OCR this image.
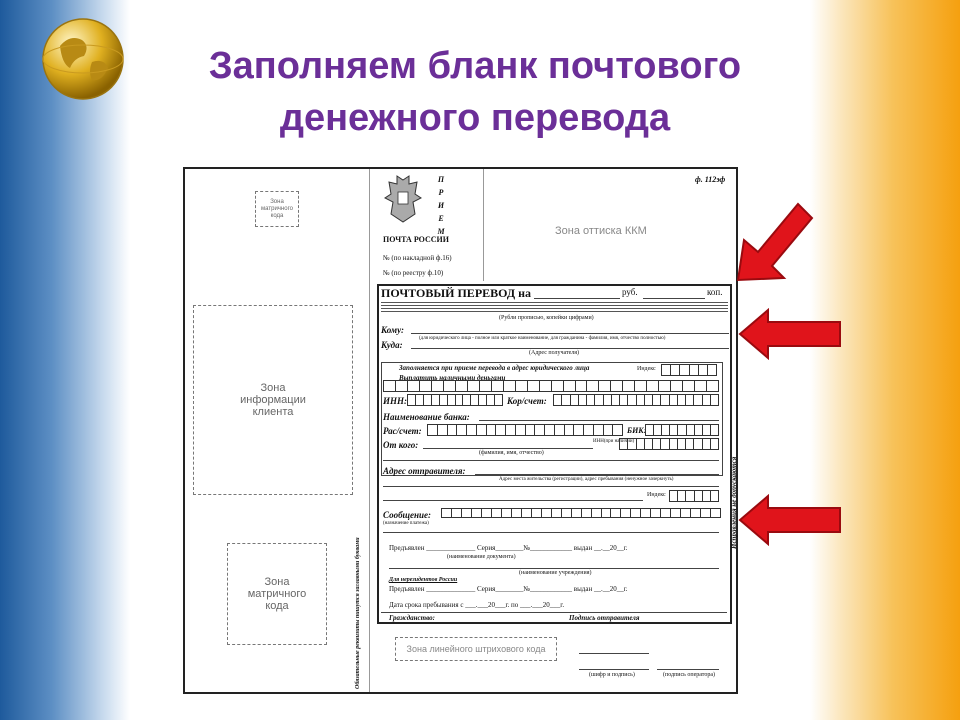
Заполняем бланк почтового
денежного перевода
Зона матричного кода
Зона информации клиента
Зона матричного кода
П Р И Е М
ПОЧТА РОССИИ
№ (по накладной ф.16)
№ (по реестру ф.10)
Зона оттиска ККМ
ф. 112эф
ПОЧТОВЫЙ ПЕРЕВОД на	руб.	коп.
(Рубли прописью, копейки цифрами)
Кому:
(для юридического лица - полное или краткое наименование, для гражданина - фамилия, имя, отчество полностью)
Куда:
(Адрес получателя)
Заполняется при приеме перевода в адрес юридического лица
Выплатить наличными деньгами
Индекс
ИНН:	Кор/счет:
Наименование банка:
Рас/счет:	БИК:
От кого:	ИНН(при наличии)
(фамилия, имя, отчество)
Адрес отправителя:
Адрес места жительства (регистрации), адрес пребывания (ненужное зачеркнуть)
Индекс
Сообщение:
(назначение платежа)
Предъявлен ______________ Серия________№____________ выдан __.__20__г.
(наименование документа)
(наименование учреждения)
Для нерезидентов России
Предъявлен ______________ Серия________№____________ выдан __.__20__г.
Дата срока пребывания с ___.___20___г. по ___.___20___г.
Гражданство:	Подпись отправителя
Зона линейного штрихового кода
(шифр и подпись)	(подпись оператора)
Обязательные реквизиты пишутся заглавными буквами
Исправления не допускаются
